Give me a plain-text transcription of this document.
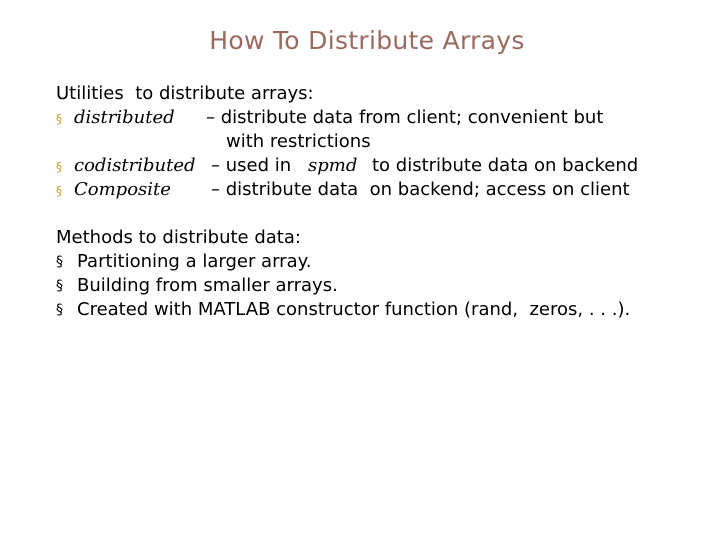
How To Distribute Arrays

Utilities  to distribute arrays:

§

distributed

– distribute data from client; convenient but

with restrictions

§

codistributed

– used in

spmd

to distribute data on backend

§

Composite

– distribute data  on backend; access on client

Methods to distribute data:

§

Partitioning a larger array.

§

Building from smaller arrays.

§

Created with MATLAB constructor function (rand,  zeros, . . .).
